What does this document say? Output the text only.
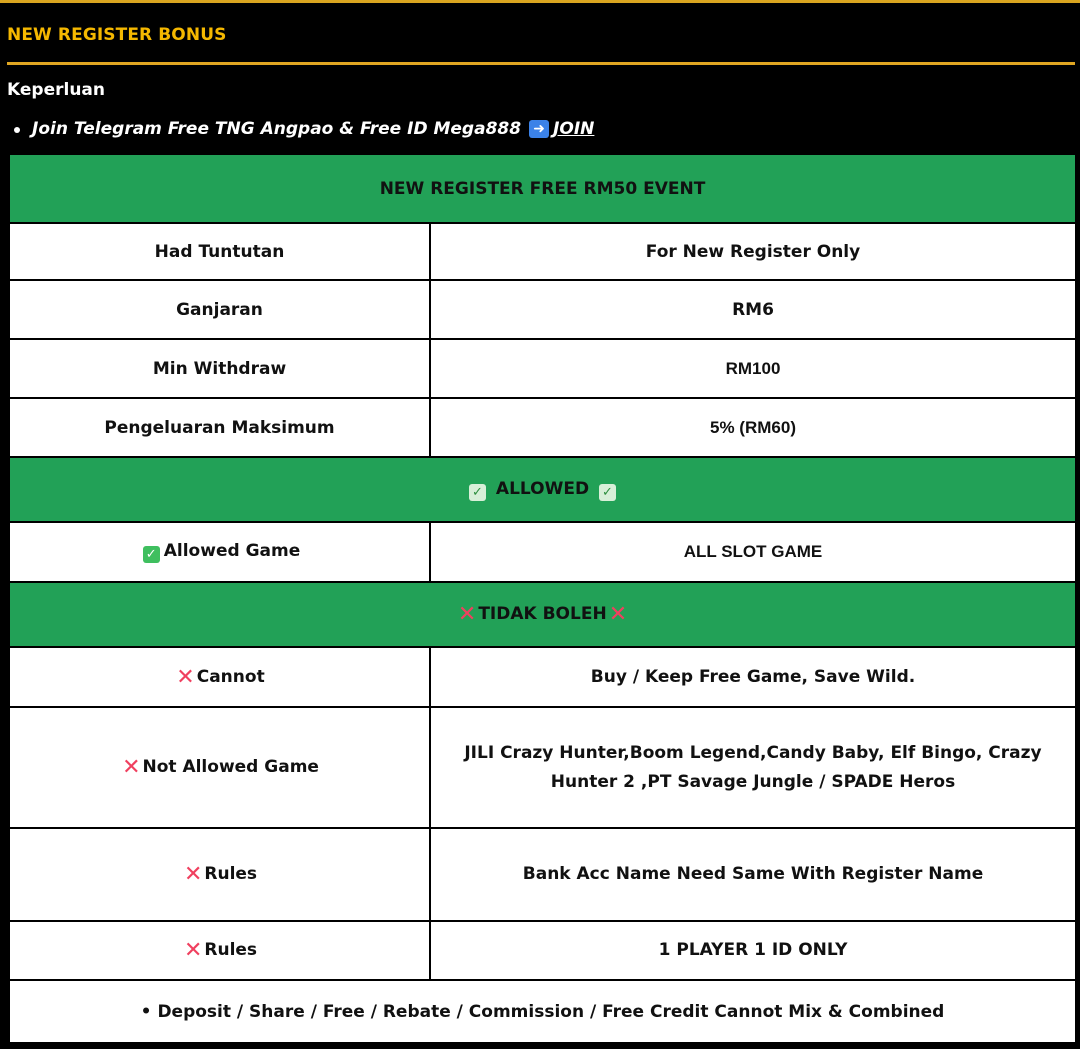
NEW REGISTER BONUS
Keperluan
Join Telegram Free TNG Angpao & Free ID Mega888 ➜ JOIN
NEW REGISTER FREE RM50 EVENT	
Had Tuntutan	For New Register Only
Ganjaran	RM6
Min Withdraw	RM100
Pengeluaran Maksimum	5% (RM60)
✓ ALLOWED ✓	
✓ Allowed Game	ALL SLOT GAME
✕ TIDAK BOLEH✕	
✕ Cannot	Buy / Keep Free Game, Save Wild.
✕ Not Allowed Game	JILI Crazy Hunter,Boom Legend,Candy Baby, Elf Bingo, Crazy Hunter 2 ,PT Savage Jungle / SPADE Heros
✕ Rules	Bank Acc Name Need Same With Register Name
✕ Rules	1 PLAYER 1 ID ONLY
• Deposit / Share / Free / Rebate / Commission / Free Credit Cannot Mix & Combined	
